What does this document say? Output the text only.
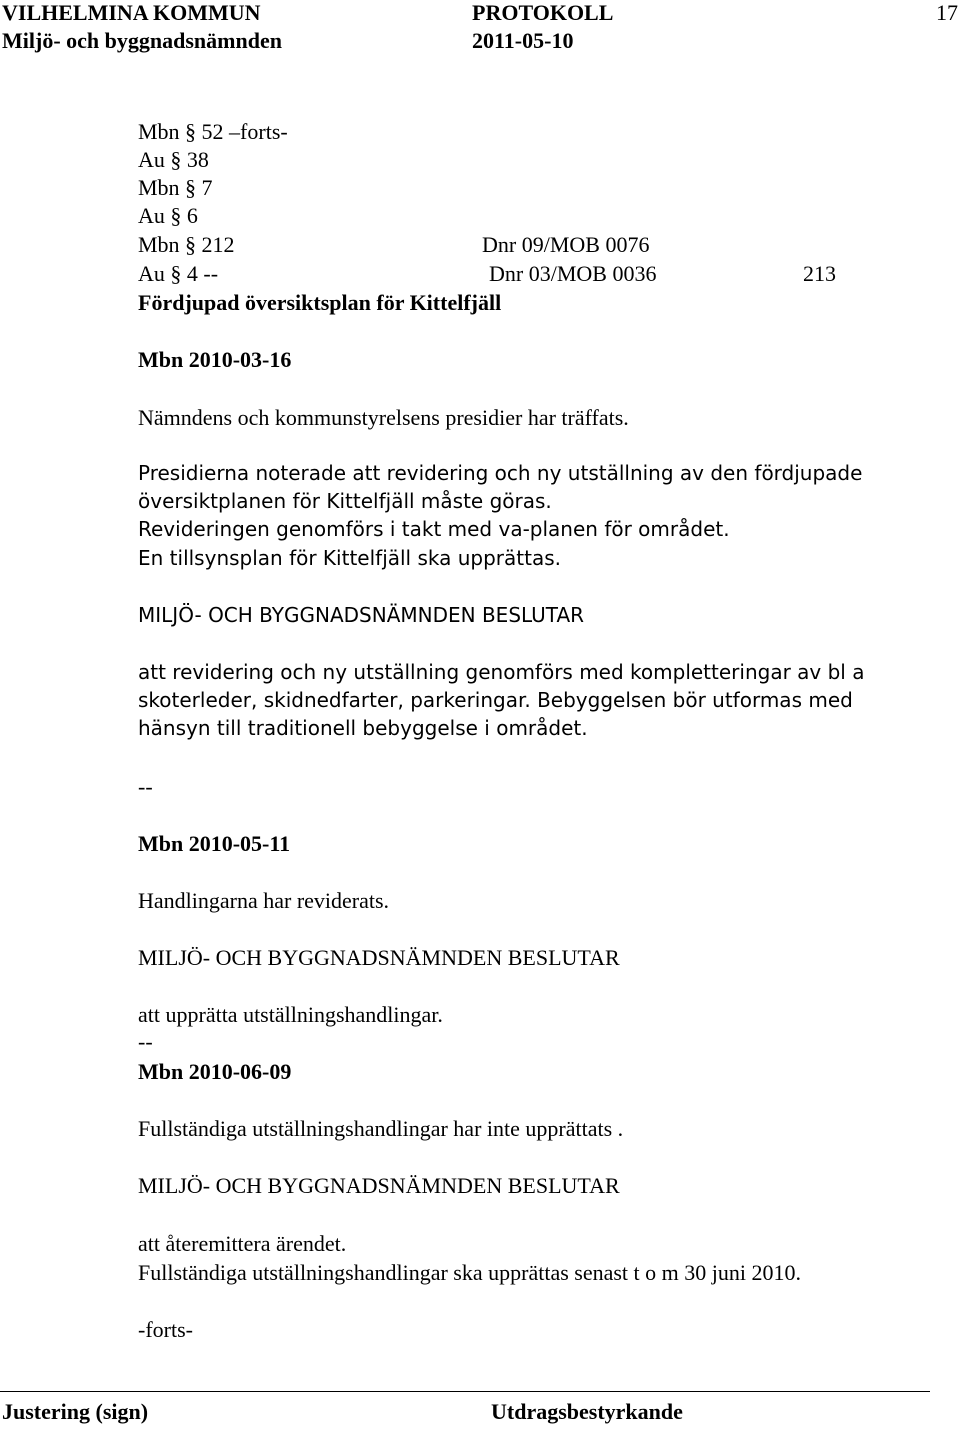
VILHELMINA KOMMUN	PROTOKOLL	17
Miljö- och byggnadsnämnden	2011-05-10
Mbn § 52 –forts-
Au § 38
Mbn § 7
Au § 6
Mbn § 212	Dnr 09/MOB 0076
Au § 4 --	Dnr 03/MOB 0036	213
Fördjupad översiktsplan för Kittelfjäll
Mbn 2010-03-16
Nämndens och kommunstyrelsens presidier har träffats.
Presidierna noterade att revidering och ny utställning av den fördjupade
översiktplanen för Kittelfjäll måste göras.
Revideringen genomförs i takt med va-planen för området.
En tillsynsplan för Kittelfjäll ska upprättas.
MILJÖ- OCH BYGGNADSNÄMNDEN BESLUTAR
att revidering och ny utställning genomförs med kompletteringar av bl a
skoterleder, skidnedfarter, parkeringar. Bebyggelsen bör utformas med
hänsyn till traditionell bebyggelse i området.
--
Mbn 2010-05-11
Handlingarna har reviderats.
MILJÖ- OCH BYGGNADSNÄMNDEN BESLUTAR
att upprätta utställningshandlingar.
--
Mbn 2010-06-09
Fullständiga utställningshandlingar har inte upprättats .
MILJÖ- OCH BYGGNADSNÄMNDEN BESLUTAR
att återemittera ärendet.
Fullständiga utställningshandlingar ska upprättas senast t o m 30 juni 2010.
-forts-
Justering (sign)	Utdragsbestyrkande
